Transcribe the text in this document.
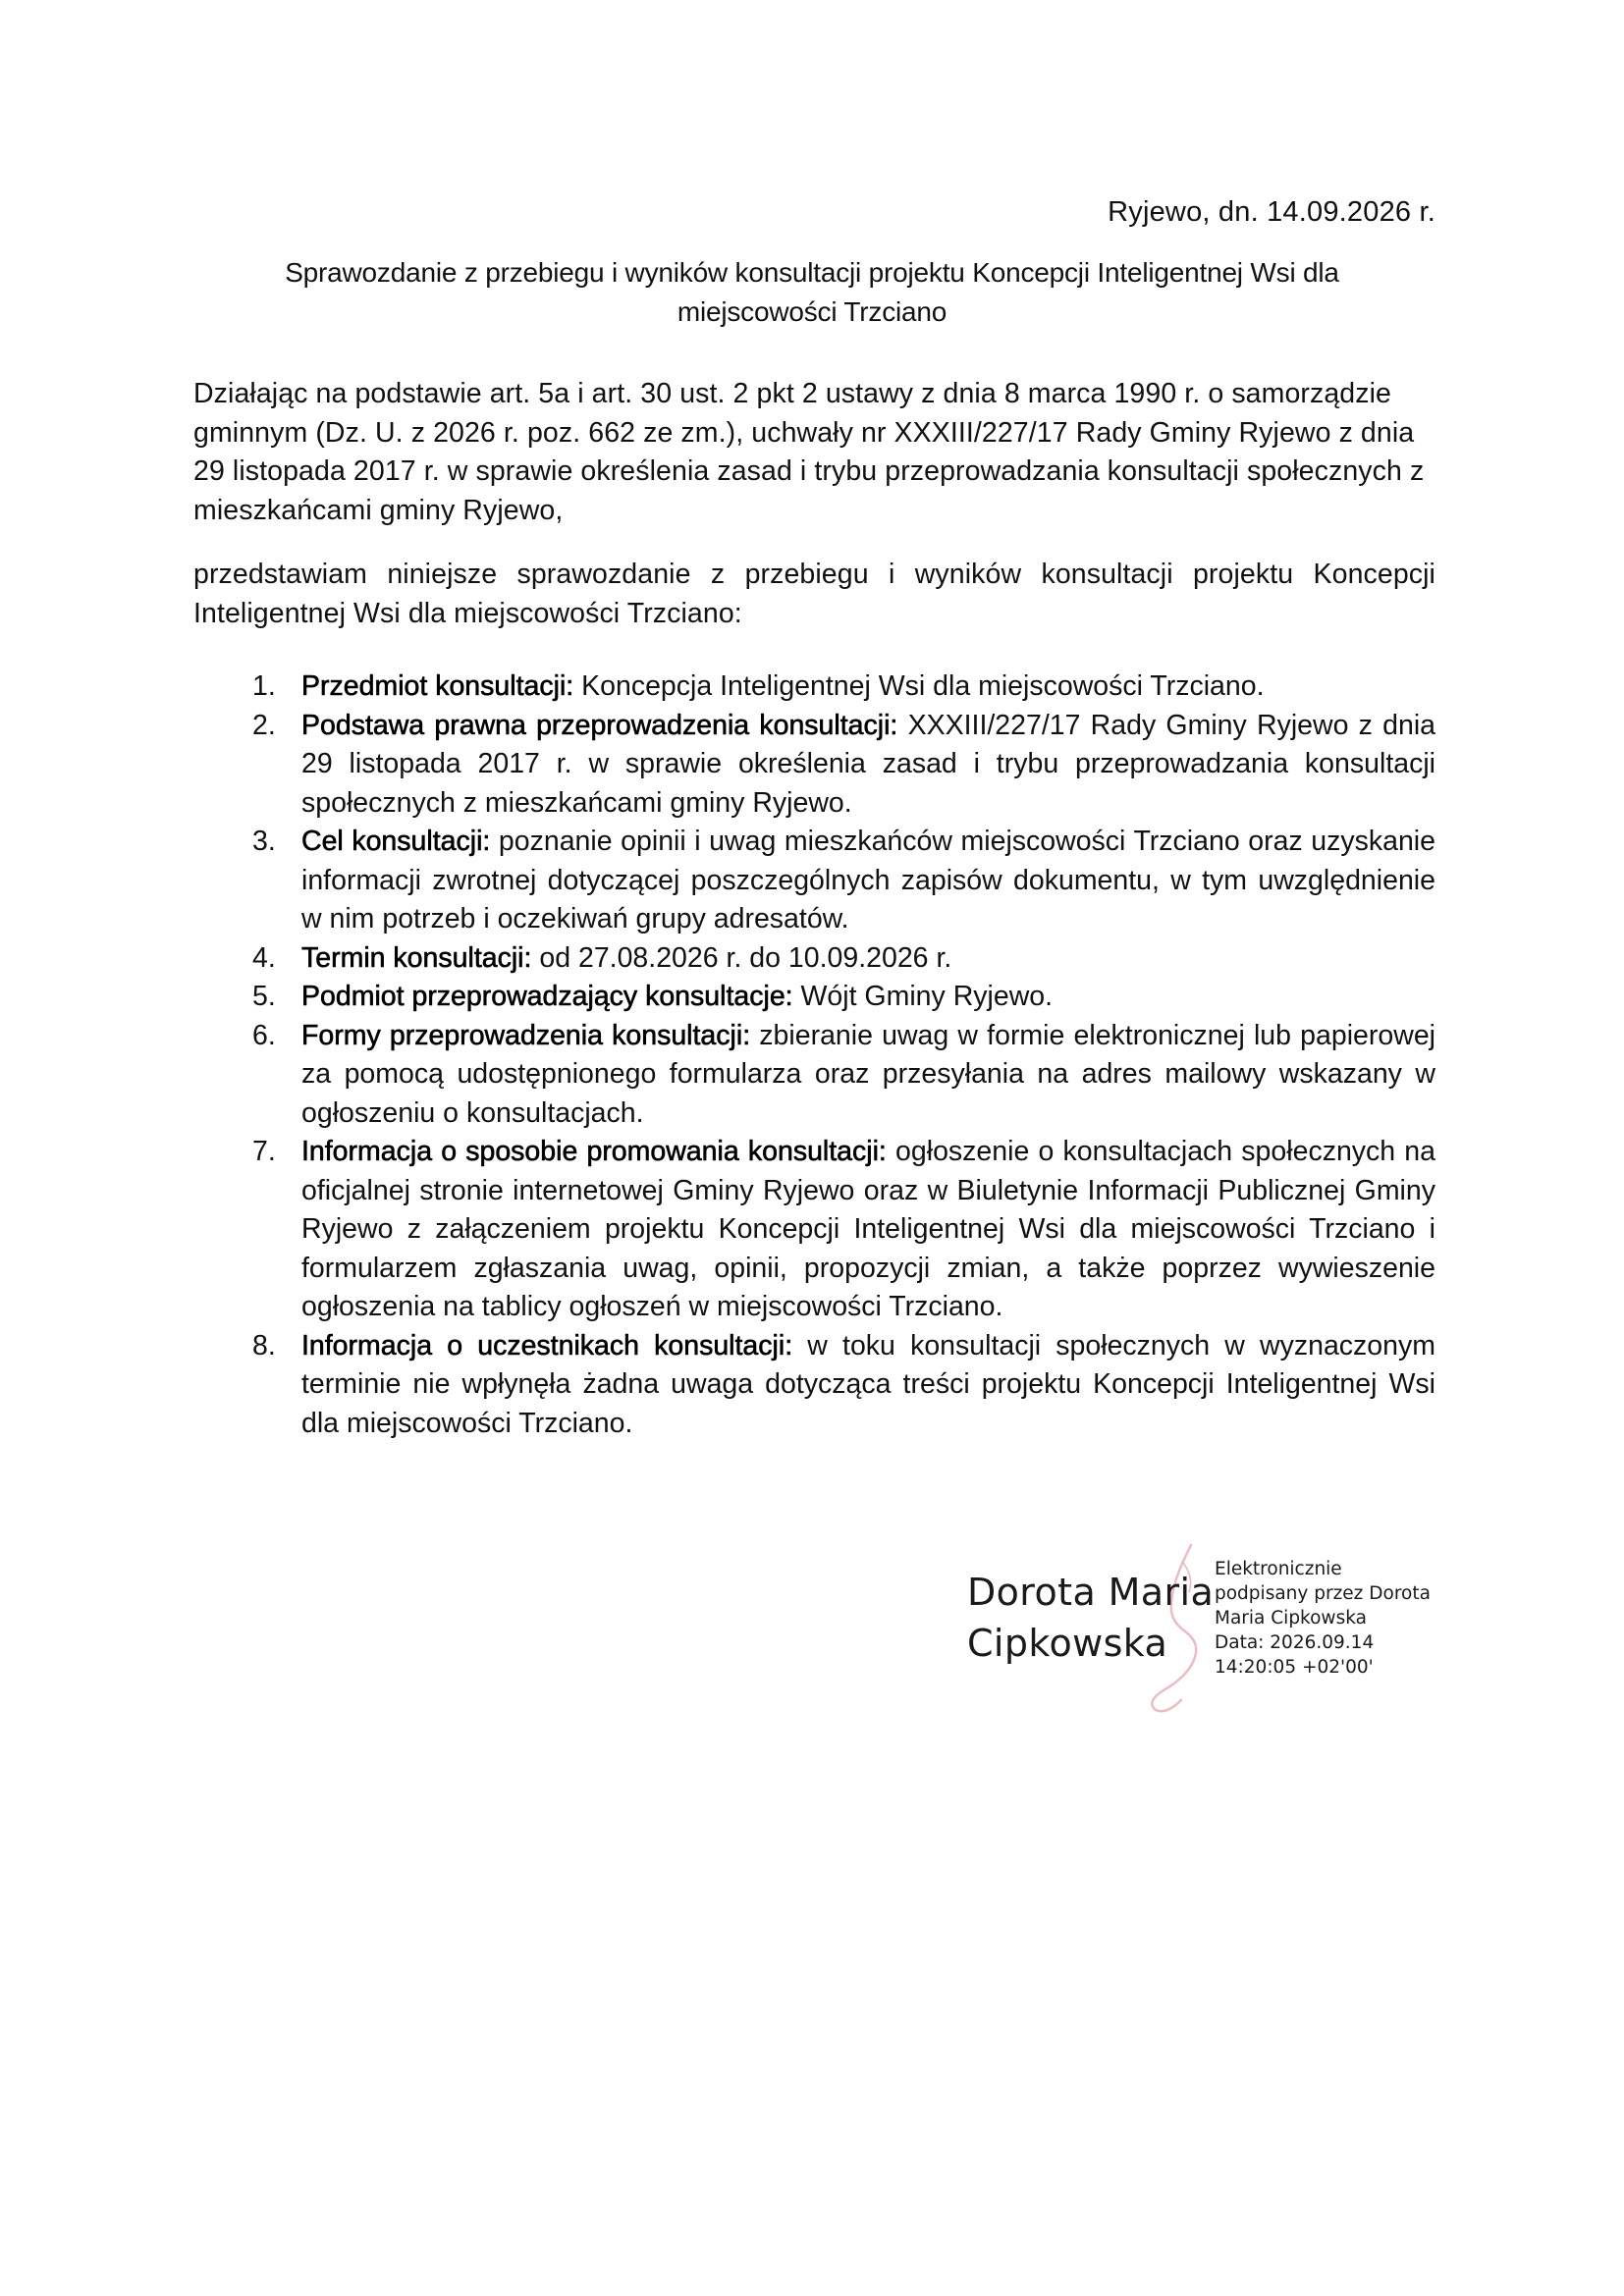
Ryjewo, dn. 14.09.2026 r.
Sprawozdanie z przebiegu i wyników konsultacji projektu Koncepcji Inteligentnej Wsi dla
miejscowości Trzciano

Działając na podstawie art. 5a i art. 30 ust. 2 pkt 2 ustawy z dnia 8 marca 1990 r. o samorządzie gminnym (Dz. U. z 2026 r. poz. 662 ze zm.), uchwały nr XXXIII/227/17 Rady Gminy Ryjewo z dnia 29 listopada 2017 r. w sprawie określenia zasad i trybu przeprowadzania konsultacji społecznych z mieszkańcami gminy Ryjewo,

przedstawiam niniejsze sprawozdanie z przebiegu i wyników konsultacji projektu Koncepcji Inteligentnej Wsi dla miejscowości Trzciano:

1. Przedmiot konsultacji: Koncepcja Inteligentnej Wsi dla miejscowości Trzciano.
2. Podstawa prawna przeprowadzenia konsultacji: XXXIII/227/17 Rady Gminy Ryjewo z dnia 29 listopada 2017 r. w sprawie określenia zasad i trybu przeprowadzania konsultacji społecznych z mieszkańcami gminy Ryjewo.
3. Cel konsultacji: poznanie opinii i uwag mieszkańców miejscowości Trzciano oraz uzyskanie informacji zwrotnej dotyczącej poszczególnych zapisów dokumentu, w tym uwzględnienie w nim potrzeb i oczekiwań grupy adresatów.
4. Termin konsultacji: od 27.08.2026 r. do 10.09.2026 r.
5. Podmiot przeprowadzający konsultacje: Wójt Gminy Ryjewo.
6. Formy przeprowadzenia konsultacji: zbieranie uwag w formie elektronicznej lub papierowej za pomocą udostępnionego formularza oraz przesyłania na adres mailowy wskazany w ogłoszeniu o konsultacjach.
7. Informacja o sposobie promowania konsultacji: ogłoszenie o konsultacjach społecznych na oficjalnej stronie internetowej Gminy Ryjewo oraz w Biuletynie Informacji Publicznej Gminy Ryjewo z załączeniem projektu Koncepcji Inteligentnej Wsi dla miejscowości Trzciano i formularzem zgłaszania uwag, opinii, propozycji zmian, a także poprzez wywieszenie ogłoszenia na tablicy ogłoszeń w miejscowości Trzciano.
8. Informacja o uczestnikach konsultacji: w toku konsultacji społecznych w wyznaczonym terminie nie wpłynęła żadna uwaga dotycząca treści projektu Koncepcji Inteligentnej Wsi dla miejscowości Trzciano.
Dorota Maria
Cipkowska
Elektronicznie
podpisany przez Dorota
Maria Cipkowska
Data: 2026.09.14
14:20:05 +02'00'
